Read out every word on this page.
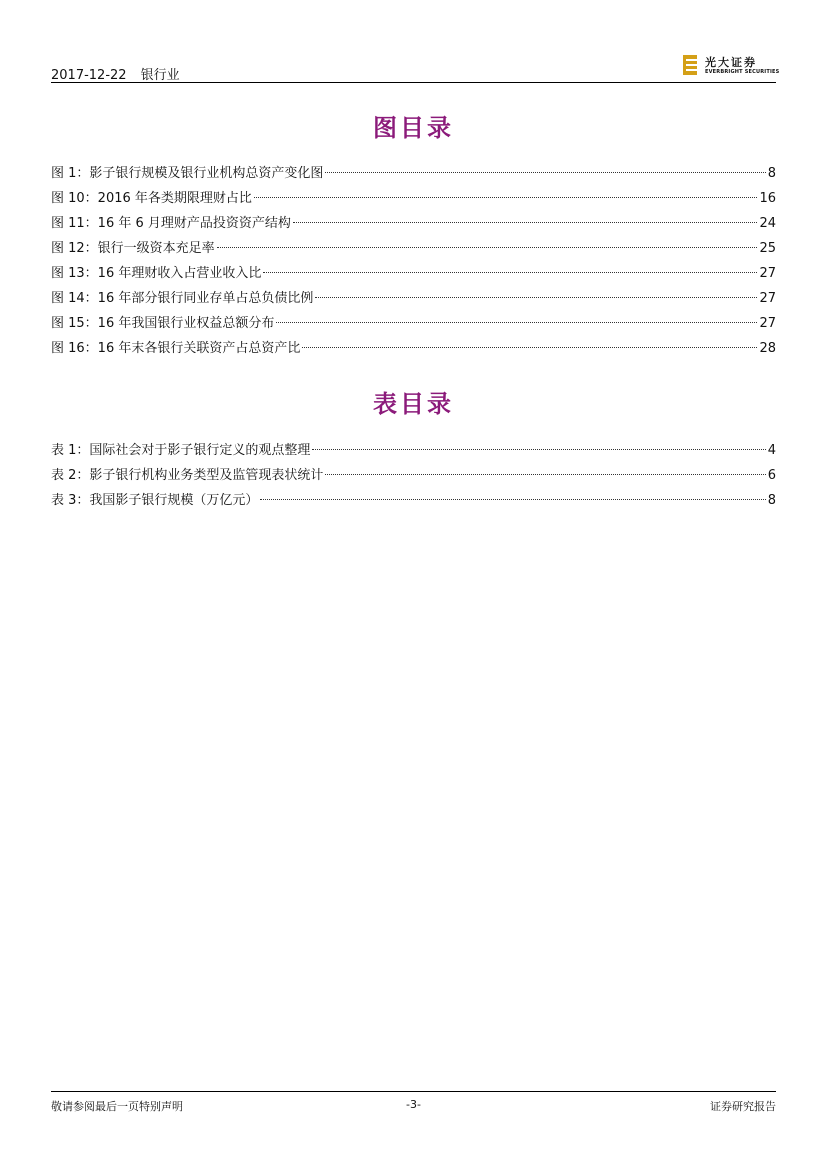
2017-12-22 银行业
光大证券
EVERBRIGHT SECURITIES
图目录
图 1：影子银行规模及银行业机构总资产变化图	8
图 10：2016 年各类期限理财占比	16
图 11：16 年 6 月理财产品投资资产结构	24
图 12：银行一级资本充足率	25
图 13：16 年理财收入占营业收入比	27
图 14：16 年部分银行同业存单占总负债比例	27
图 15：16 年我国银行业权益总额分布	27
图 16：16 年末各银行关联资产占总资产比	28
表目录
表 1：国际社会对于影子银行定义的观点整理	4
表 2：影子银行机构业务类型及监管现表状统计	6
表 3：我国影子银行规模（万亿元）	8
敬请参阅最后一页特别声明	-3-	证券研究报告
